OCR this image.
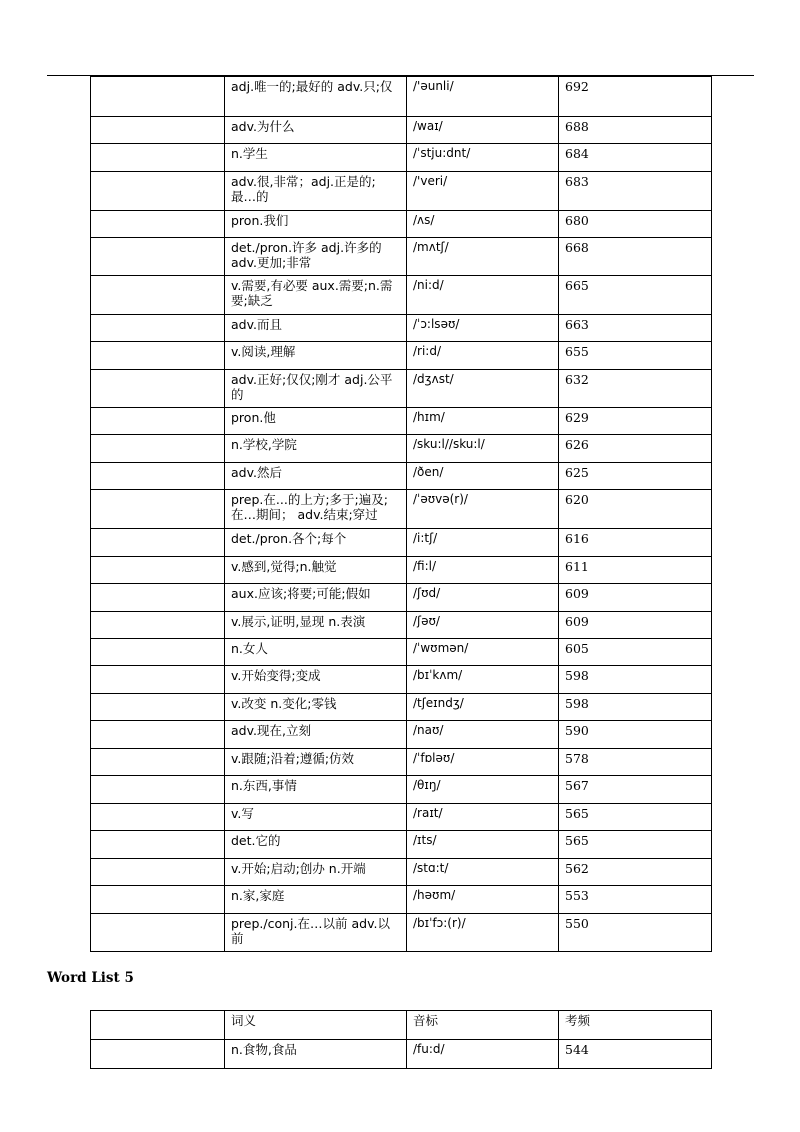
	adj.唯一的;最好的 adv.只;仅	/'əunli/	692
	adv.为什么	/waɪ/	688
	n.学生	/ˈstju:dnt/	684
	adv.很,非常；adj.正是的;最…的	/'veri/	683
	pron.我们	/ʌs/	680
	det./pron.许多 adj.许多的 adv.更加;非常	/mʌtʃ/	668
	v.需要,有必要 aux.需要;n.需要;缺乏	/ni:d/	665
	adv.而且	/ˈɔ:lsəʊ/	663
	v.阅读,理解	/ri:d/	655
	adv.正好;仅仅;刚才 adj.公平的	/dʒʌst/	632
	pron.他	/hɪm/	629
	n.学校,学院	/sku:l//sku:l/	626
	adv.然后	/ðen/	625
	prep.在...的上方;多于;遍及;在…期间； adv.结束;穿过	/ˈəʊvə(r)/	620
	det./pron.各个;每个	/i:tʃ/	616
	v.感到,觉得;n.触觉	/fi:l/	611
	aux.应该;将要;可能;假如	/ʃʊd/	609
	v.展示,证明,显现 n.表演	/ʃəʊ/	609
	n.女人	/ˈwʊmən/	605
	v.开始变得;变成	/bɪˈkʌm/	598
	v.改变 n.变化;零钱	/tʃeɪndʒ/	598
	adv.现在,立刻	/naʊ/	590
	v.跟随;沿着;遵循;仿效	/ˈfɒləʊ/	578
	n.东西,事情	/θɪŋ/	567
	v.写	/raɪt/	565
	det.它的	/ɪts/	565
	v.开始;启动;创办 n.开端	/stɑ:t/	562
	n.家,家庭	/həʊm/	553
	prep./conj.在…以前 adv.以前	/bɪˈfɔ:(r)/	550
Word List 5
	词义	音标	考频
	n.食物,食品	/fu:d/	544
